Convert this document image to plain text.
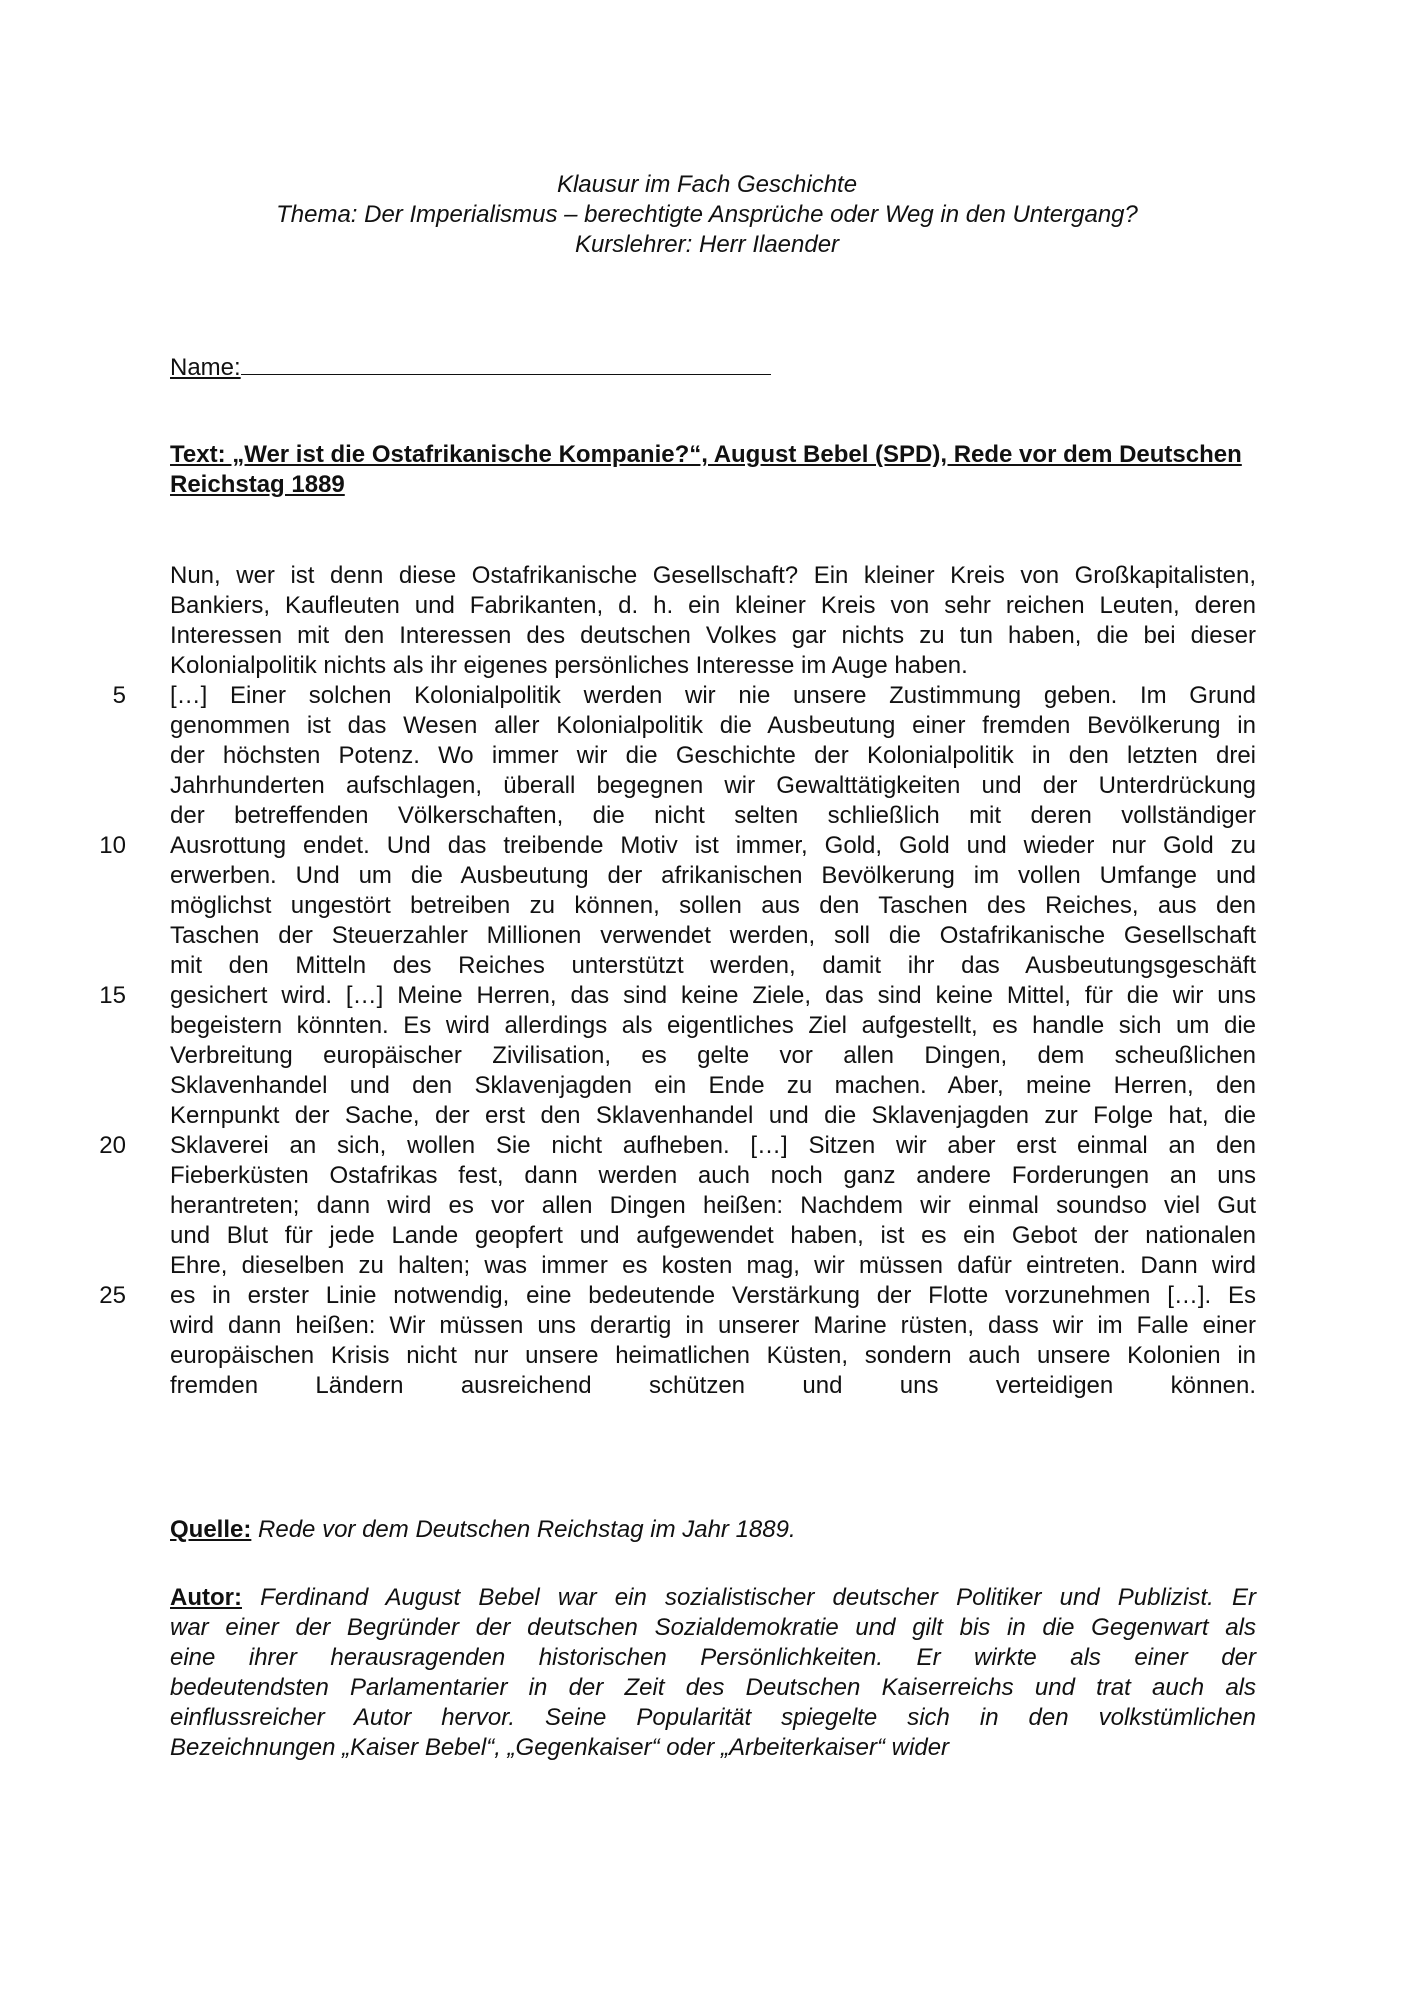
Klausur im Fach Geschichte
Thema: Der Imperialismus – berechtigte Ansprüche oder Weg in den Untergang?
Kurslehrer: Herr Ilaender
Name:
Text: „Wer ist die Ostafrikanische Kompanie?“, August Bebel (SPD), Rede vor dem Deutschen Reichstag 1889
5
10
15
20
25
Nun, wer ist denn diese Ostafrikanische Gesellschaft? Ein kleiner Kreis von Großkapitalisten,
Bankiers, Kaufleuten und Fabrikanten, d. h. ein kleiner Kreis von sehr reichen Leuten, deren
Interessen mit den Interessen des deutschen Volkes gar nichts zu tun haben, die bei dieser
Kolonialpolitik nichts als ihr eigenes persönliches Interesse im Auge haben.
[…] Einer solchen Kolonialpolitik werden wir nie unsere Zustimmung geben. Im Grund
genommen ist das Wesen aller Kolonialpolitik die Ausbeutung einer fremden Bevölkerung in
der höchsten Potenz. Wo immer wir die Geschichte der Kolonialpolitik in den letzten drei
Jahrhunderten aufschlagen, überall begegnen wir Gewalttätigkeiten und der Unterdrückung
der betreffenden Völkerschaften, die nicht selten schließlich mit deren vollständiger
Ausrottung endet. Und das treibende Motiv ist immer, Gold, Gold und wieder nur Gold zu
erwerben. Und um die Ausbeutung der afrikanischen Bevölkerung im vollen Umfange und
möglichst ungestört betreiben zu können, sollen aus den Taschen des Reiches, aus den
Taschen der Steuerzahler Millionen verwendet werden, soll die Ostafrikanische Gesellschaft
mit den Mitteln des Reiches unterstützt werden, damit ihr das Ausbeutungsgeschäft
gesichert wird. […] Meine Herren, das sind keine Ziele, das sind keine Mittel, für die wir uns
begeistern könnten. Es wird allerdings als eigentliches Ziel aufgestellt, es handle sich um die
Verbreitung europäischer Zivilisation, es gelte vor allen Dingen, dem scheußlichen
Sklavenhandel und den Sklavenjagden ein Ende zu machen. Aber, meine Herren, den
Kernpunkt der Sache, der erst den Sklavenhandel und die Sklavenjagden zur Folge hat, die
Sklaverei an sich, wollen Sie nicht aufheben. […] Sitzen wir aber erst einmal an den
Fieberküsten Ostafrikas fest, dann werden auch noch ganz andere Forderungen an uns
herantreten; dann wird es vor allen Dingen heißen: Nachdem wir einmal soundso viel Gut
und Blut für jede Lande geopfert und aufgewendet haben, ist es ein Gebot der nationalen
Ehre, dieselben zu halten; was immer es kosten mag, wir müssen dafür eintreten. Dann wird
es in erster Linie notwendig, eine bedeutende Verstärkung der Flotte vorzunehmen […]. Es
wird dann heißen: Wir müssen uns derartig in unserer Marine rüsten, dass wir im Falle einer
europäischen Krisis nicht nur unsere heimatlichen Küsten, sondern auch unsere Kolonien in
fremden Ländern ausreichend schützen und uns verteidigen können.
Quelle: Rede vor dem Deutschen Reichstag im Jahr 1889.
Autor: Ferdinand August Bebel war ein sozialistischer deutscher Politiker und Publizist. Er
war einer der Begründer der deutschen Sozialdemokratie und gilt bis in die Gegenwart als
eine ihrer herausragenden historischen Persönlichkeiten. Er wirkte als einer der
bedeutendsten Parlamentarier in der Zeit des Deutschen Kaiserreichs und trat auch als
einflussreicher Autor hervor. Seine Popularität spiegelte sich in den volkstümlichen
Bezeichnungen „Kaiser Bebel“, „Gegenkaiser“ oder „Arbeiterkaiser“ wider
